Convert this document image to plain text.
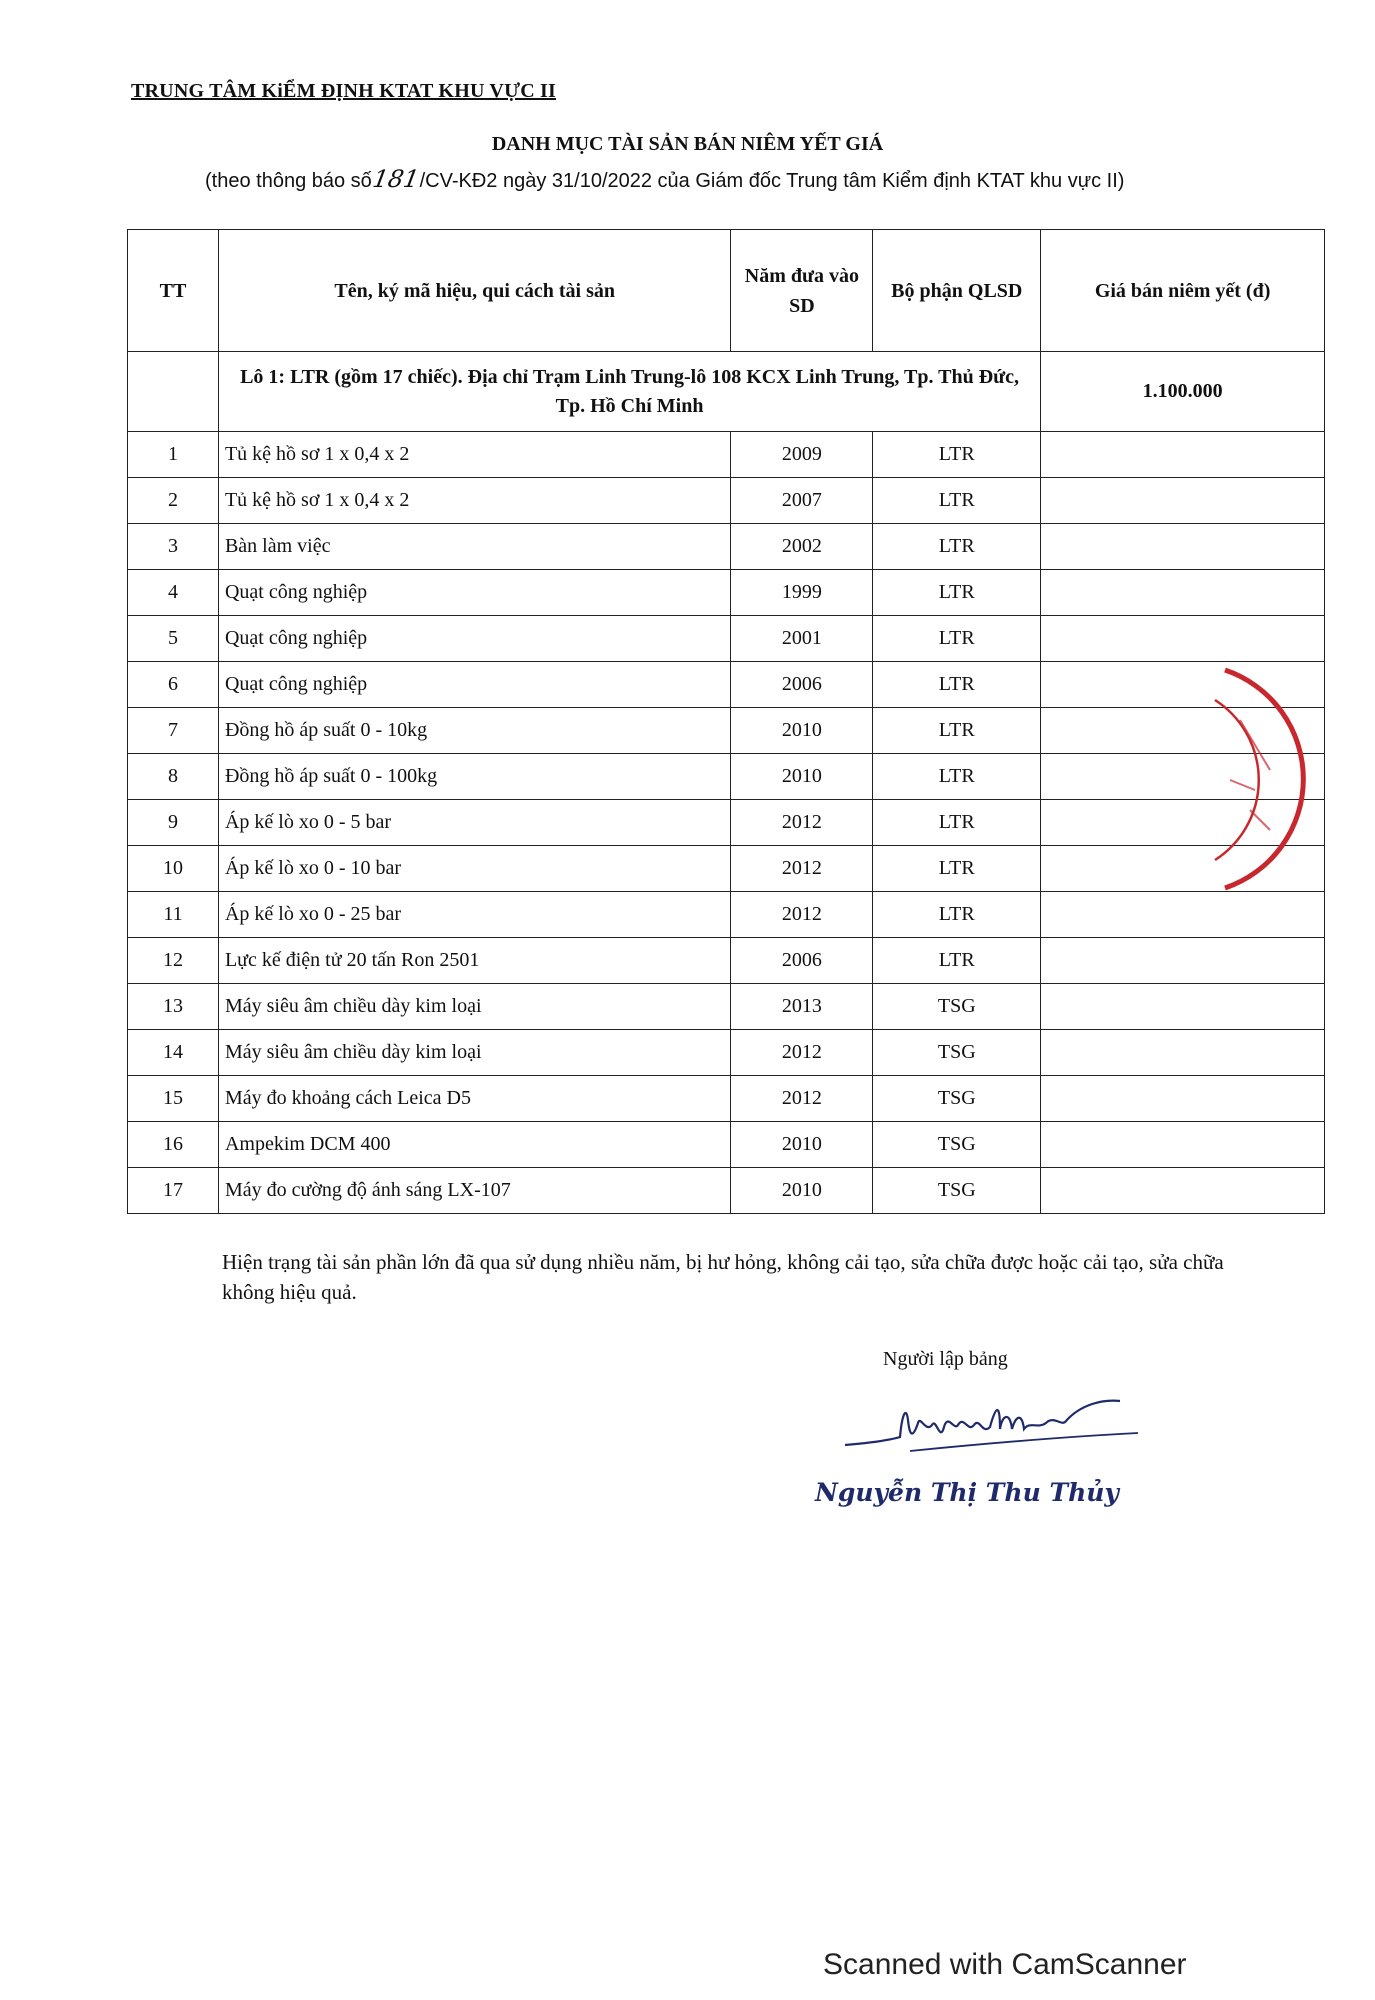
TRUNG TÂM KiỂM ĐỊNH KTAT KHU VỰC II
DANH MỤC TÀI SẢN BÁN NIÊM YẾT GIÁ
(theo thông báo số181/CV-KĐ2 ngày 31/10/2022 của Giám đốc Trung tâm Kiểm định KTAT khu vực II)
TT	Tên, ký mã hiệu, qui cách tài sản	Năm đưa vào SD	Bộ phận QLSD	Giá bán niêm yết (đ)
	Lô 1: LTR (gồm 17 chiếc). Địa chỉ Trạm Linh Trung-lô 108 KCX Linh Trung, Tp. Thủ Đức, Tp. Hồ Chí Minh			1.100.000
1	Tủ kệ hồ sơ 1 x 0,4 x 2	2009	LTR	
2	Tủ kệ hồ sơ 1 x 0,4 x 2	2007	LTR	
3	Bàn làm việc	2002	LTR	
4	Quạt công nghiệp	1999	LTR	
5	Quạt công nghiệp	2001	LTR	
6	Quạt công nghiệp	2006	LTR	
7	Đồng hồ áp suất 0 - 10kg	2010	LTR	
8	Đồng hồ áp suất 0 - 100kg	2010	LTR	
9	Áp kế lò xo 0 - 5 bar	2012	LTR	
10	Áp kế lò xo 0 - 10 bar	2012	LTR	
11	Áp kế lò xo 0 - 25 bar	2012	LTR	
12	Lực kế điện tử 20 tấn Ron 2501	2006	LTR	
13	Máy siêu âm chiều dày kim loại	2013	TSG	
14	Máy siêu âm chiều dày kim loại	2012	TSG	
15	Máy đo khoảng cách Leica D5	2012	TSG	
16	Ampekim DCM 400	2010	TSG	
17	Máy đo cường độ ánh sáng LX-107	2010	TSG	
Hiện trạng tài sản phần lớn đã qua sử dụng nhiều năm, bị hư hỏng, không cải tạo, sửa chữa được hoặc cải tạo, sửa chữa không hiệu quả.
Người lập bảng
Nguyễn Thị Thu Thủy
Scanned with CamScanner
